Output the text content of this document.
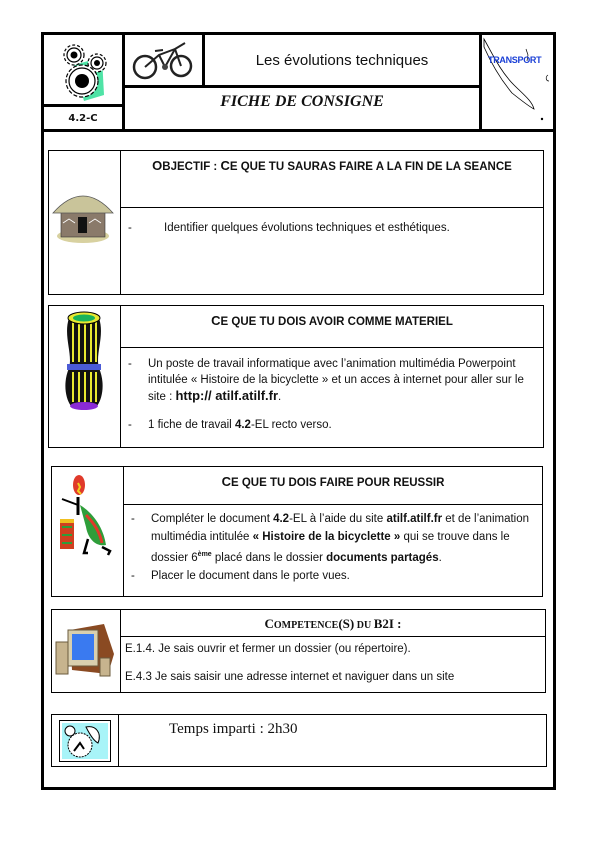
4.2-C
Les évolutions techniques
FICHE DE CONSIGNE
TRANSPORT
OBJECTIF : CE QUE TU SAURAS FAIRE A LA FIN DE LA SEANCE
-	Identifier quelques évolutions techniques et esthétiques.
CE QUE TU DOIS AVOIR COMME MATERIEL
-	Un poste de travail informatique avec l’animation multimédia Powerpoint intitulée « Histoire de la bicyclette » et un acces à internet pour aller sur le site : http:// atilf.atilf.fr.
-	1 fiche de travail 4.2-EL recto verso.
CE QUE TU DOIS FAIRE POUR REUSSIR
-	Compléter le document 4.2-EL à l’aide du site atilf.atilf.fr et de l’animation multimédia intitulée « Histoire de la bicyclette » qui se trouve dans le dossier 6ème placé dans le dossier documents partagés.
-	Placer le document dans le porte vues.
COMPETENCE(S) DU B2I :
E.1.4. Je sais ouvrir et fermer un dossier (ou répertoire).
E.4.3 Je sais saisir une adresse internet et naviguer dans un site
Temps imparti : 2h30
